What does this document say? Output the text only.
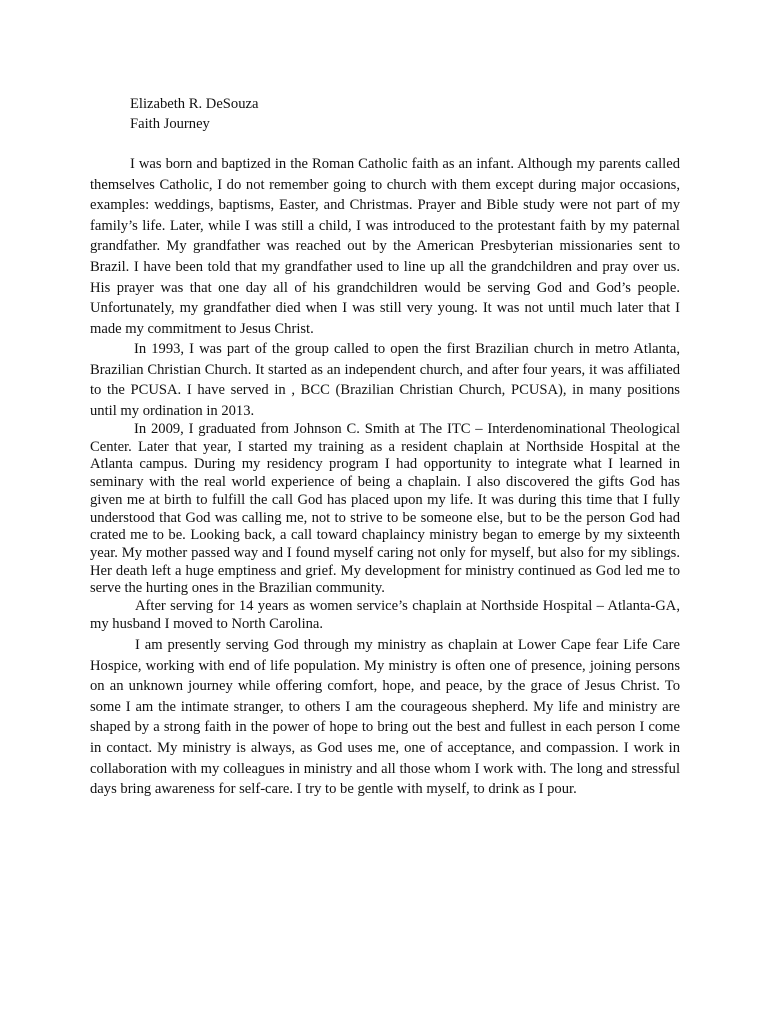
Elizabeth R. DeSouza
Faith Journey

I was born and baptized in the Roman Catholic faith as an infant. Although my parents called themselves Catholic, I do not remember going to church with them except during major occasions, examples: weddings, baptisms, Easter, and Christmas. Prayer and Bible study were not part of my family’s life. Later, while I was still a child, I was introduced to the protestant faith by my paternal grandfather. My grandfather was reached out by the American Presbyterian missionaries sent to Brazil. I have been told that my grandfather used to line up all the grandchildren and pray over us. His prayer was that one day all of his grandchildren would be serving God and God’s people. Unfortunately, my grandfather died when I was still very young. It was not until much later that I made my commitment to Jesus Christ.

In 1993, I was part of the group called to open the first Brazilian church in metro Atlanta, Brazilian Christian Church. It started as an independent church, and after four years, it was affiliated to the PCUSA. I have served in , BCC (Brazilian Christian Church, PCUSA), in many positions until my ordination in 2013.

In 2009, I graduated from Johnson C. Smith at The ITC – Interdenominational Theological Center. Later that year, I started my training as a resident chaplain at Northside Hospital at the Atlanta campus. During my residency program I had opportunity to integrate what I learned in seminary with the real world experience of being a chaplain. I also discovered the gifts God has given me at birth to fulfill the call God has placed upon my life. It was during this time that I fully understood that God was calling me, not to strive to be someone else, but to be the person God had crated me to be. Looking back, a call toward chaplaincy ministry began to emerge by my sixteenth year. My mother passed way and I found myself caring not only for myself, but also for my siblings. Her death left a huge emptiness and grief. My development for ministry continued as God led me to serve the hurting ones in the Brazilian community.

After serving for 14 years as women service’s chaplain at Northside Hospital – Atlanta-GA, my husband I moved to North Carolina.

I am presently serving God through my ministry as chaplain at Lower Cape fear Life Care Hospice, working with end of life population. My ministry is often one of presence, joining persons on an unknown journey while offering comfort, hope, and peace, by the grace of Jesus Christ. To some I am the intimate stranger, to others I am the courageous shepherd. My life and ministry are shaped by a strong faith in the power of hope to bring out the best and fullest in each person I come in contact. My ministry is always, as God uses me, one of acceptance, and compassion. I work in collaboration with my colleagues in ministry and all those whom I work with. The long and stressful days bring awareness for self-care. I try to be gentle with myself, to drink as I pour.
